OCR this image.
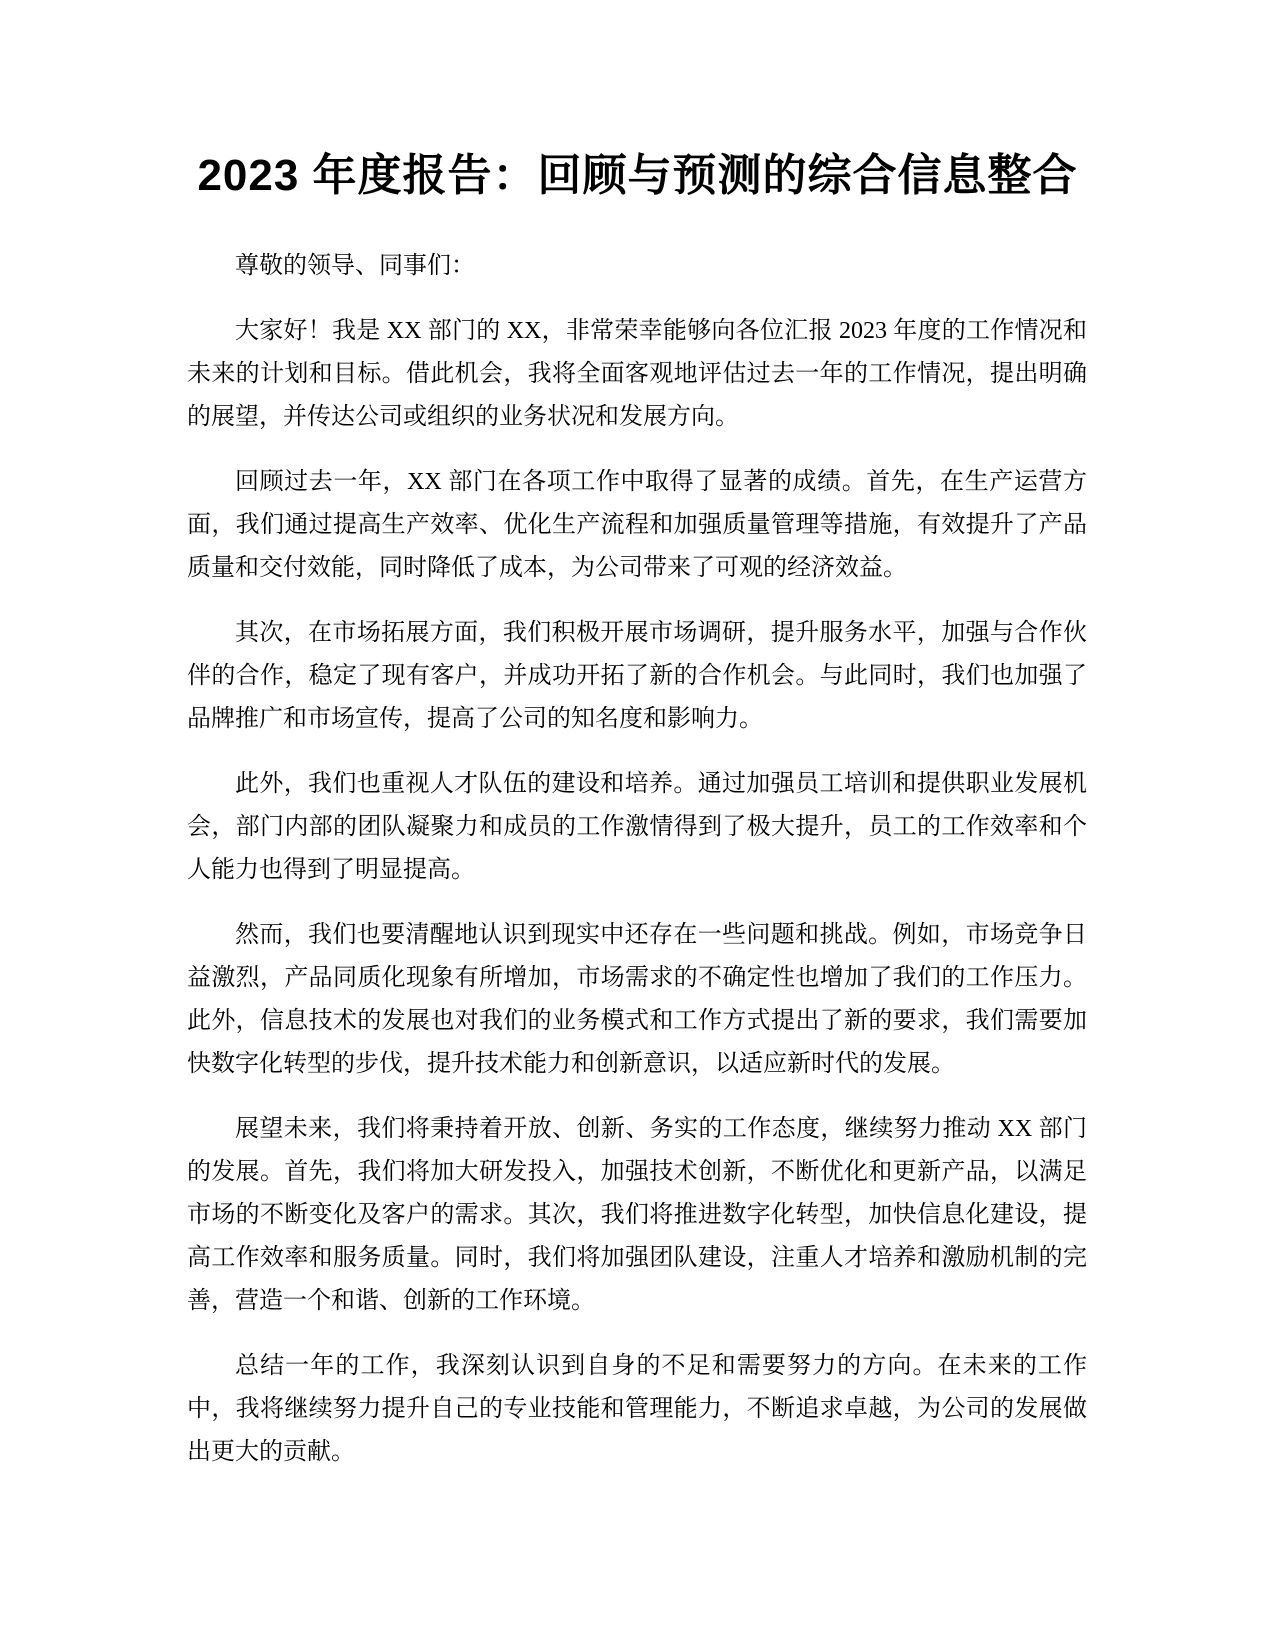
2023 年度报告：回顾与预测的综合信息整合

尊敬的领导、同事们：

大家好！我是 XX 部门的 XX，非常荣幸能够向各位汇报 2023 年度的工作情况和未来的计划和目标。借此机会，我将全面客观地评估过去一年的工作情况，提出明确的展望，并传达公司或组织的业务状况和发展方向。

回顾过去一年，XX 部门在各项工作中取得了显著的成绩。首先，在生产运营方面，我们通过提高生产效率、优化生产流程和加强质量管理等措施，有效提升了产品质量和交付效能，同时降低了成本，为公司带来了可观的经济效益。

其次，在市场拓展方面，我们积极开展市场调研，提升服务水平，加强与合作伙伴的合作，稳定了现有客户，并成功开拓了新的合作机会。与此同时，我们也加强了品牌推广和市场宣传，提高了公司的知名度和影响力。

此外，我们也重视人才队伍的建设和培养。通过加强员工培训和提供职业发展机会，部门内部的团队凝聚力和成员的工作激情得到了极大提升，员工的工作效率和个人能力也得到了明显提高。

然而，我们也要清醒地认识到现实中还存在一些问题和挑战。例如，市场竞争日益激烈，产品同质化现象有所增加，市场需求的不确定性也增加了我们的工作压力。此外，信息技术的发展也对我们的业务模式和工作方式提出了新的要求，我们需要加快数字化转型的步伐，提升技术能力和创新意识，以适应新时代的发展。

展望未来，我们将秉持着开放、创新、务实的工作态度，继续努力推动 XX 部门的发展。首先，我们将加大研发投入，加强技术创新，不断优化和更新产品，以满足市场的不断变化及客户的需求。其次，我们将推进数字化转型，加快信息化建设，提高工作效率和服务质量。同时，我们将加强团队建设，注重人才培养和激励机制的完善，营造一个和谐、创新的工作环境。

总结一年的工作，我深刻认识到自身的不足和需要努力的方向。在未来的工作中，我将继续努力提升自己的专业技能和管理能力，不断追求卓越，为公司的发展做出更大的贡献。
